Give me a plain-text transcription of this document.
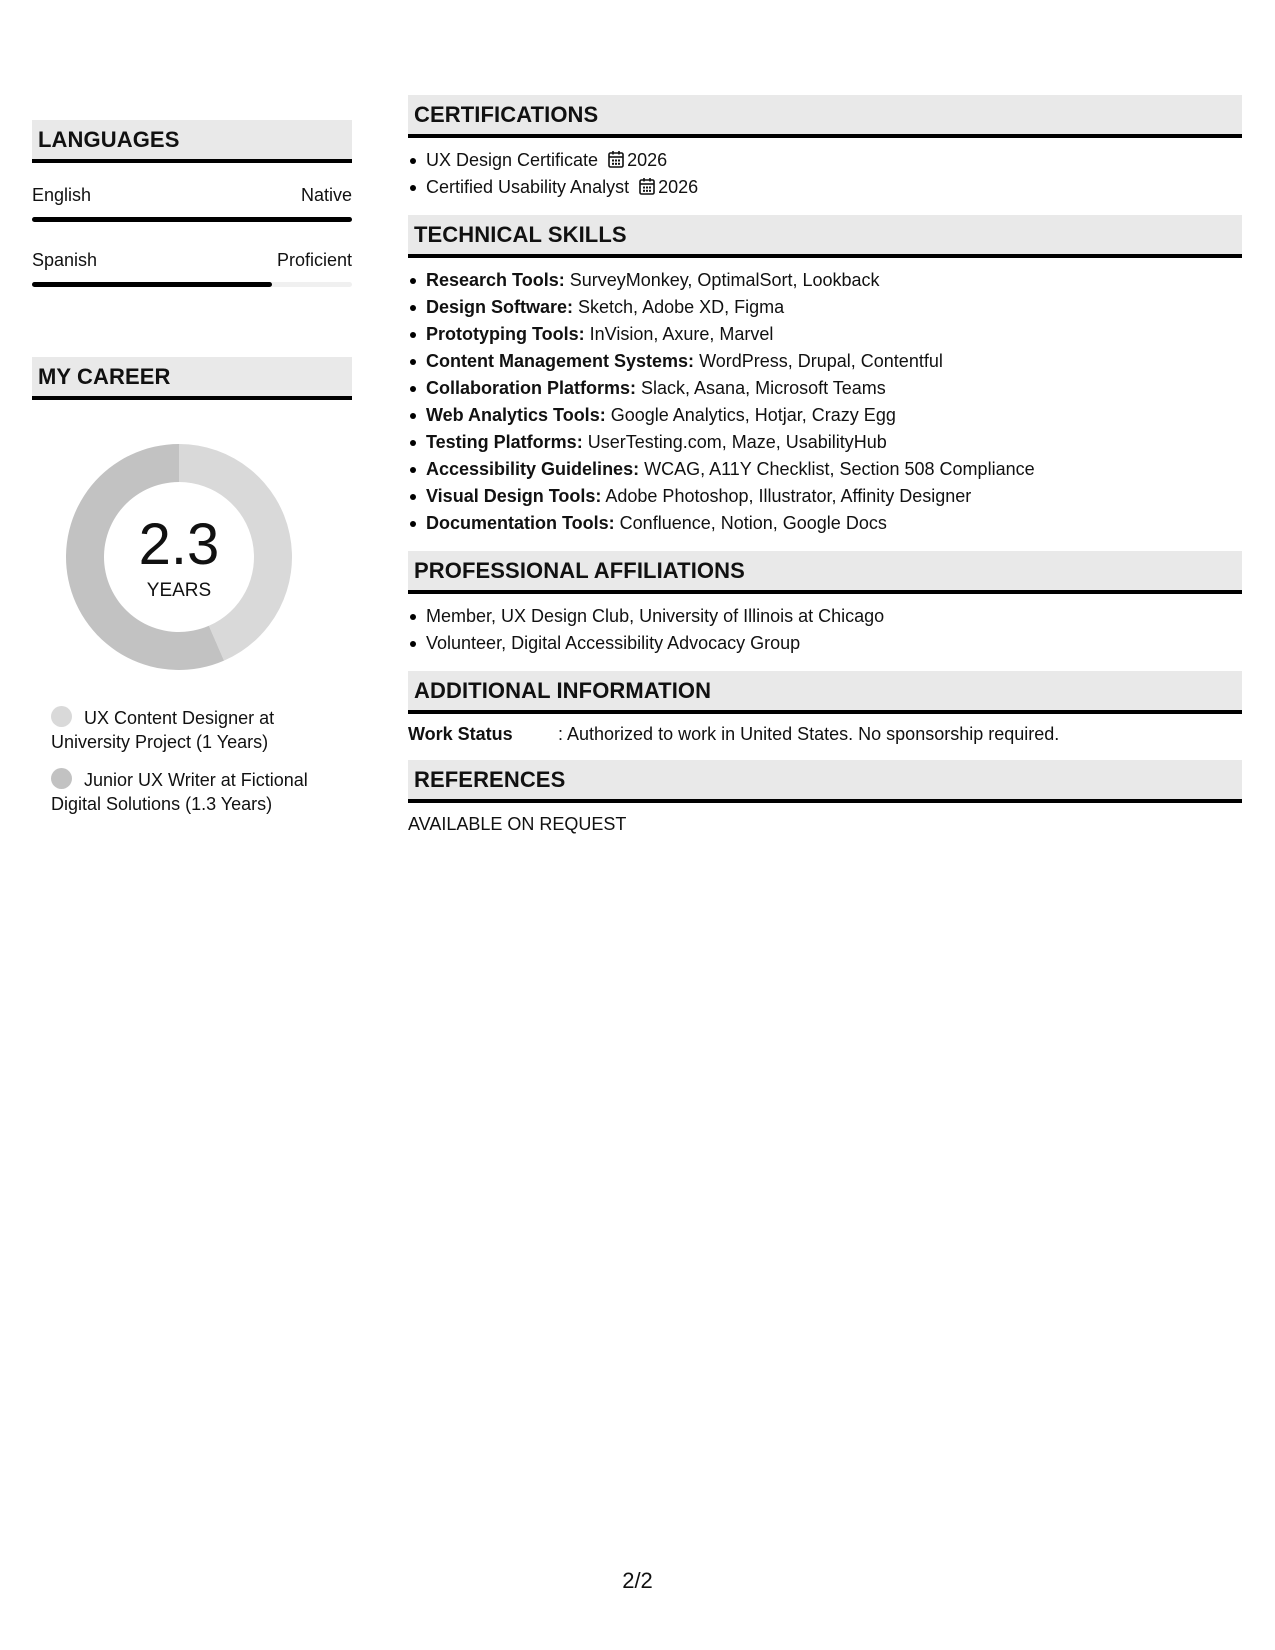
LANGUAGES
English	Native
Spanish	Proficient
MY CAREER
2.3
YEARS
UX Content Designer at University Project (1 Years)
Junior UX Writer at Fictional Digital Solutions (1.3 Years)
CERTIFICATIONS
UX Design Certificate 2026
Certified Usability Analyst 2026
TECHNICAL SKILLS
Research Tools: SurveyMonkey, OptimalSort, Lookback
Design Software: Sketch, Adobe XD, Figma
Prototyping Tools: InVision, Axure, Marvel
Content Management Systems: WordPress, Drupal, Contentful
Collaboration Platforms: Slack, Asana, Microsoft Teams
Web Analytics Tools: Google Analytics, Hotjar, Crazy Egg
Testing Platforms: UserTesting.com, Maze, UsabilityHub
Accessibility Guidelines: WCAG, A11Y Checklist, Section 508 Compliance
Visual Design Tools: Adobe Photoshop, Illustrator, Affinity Designer
Documentation Tools: Confluence, Notion, Google Docs
PROFESSIONAL AFFILIATIONS
Member, UX Design Club, University of Illinois at Chicago
Volunteer, Digital Accessibility Advocacy Group
ADDITIONAL INFORMATION
Work Status	: Authorized to work in United States. No sponsorship required.
REFERENCES
AVAILABLE ON REQUEST
2/2
